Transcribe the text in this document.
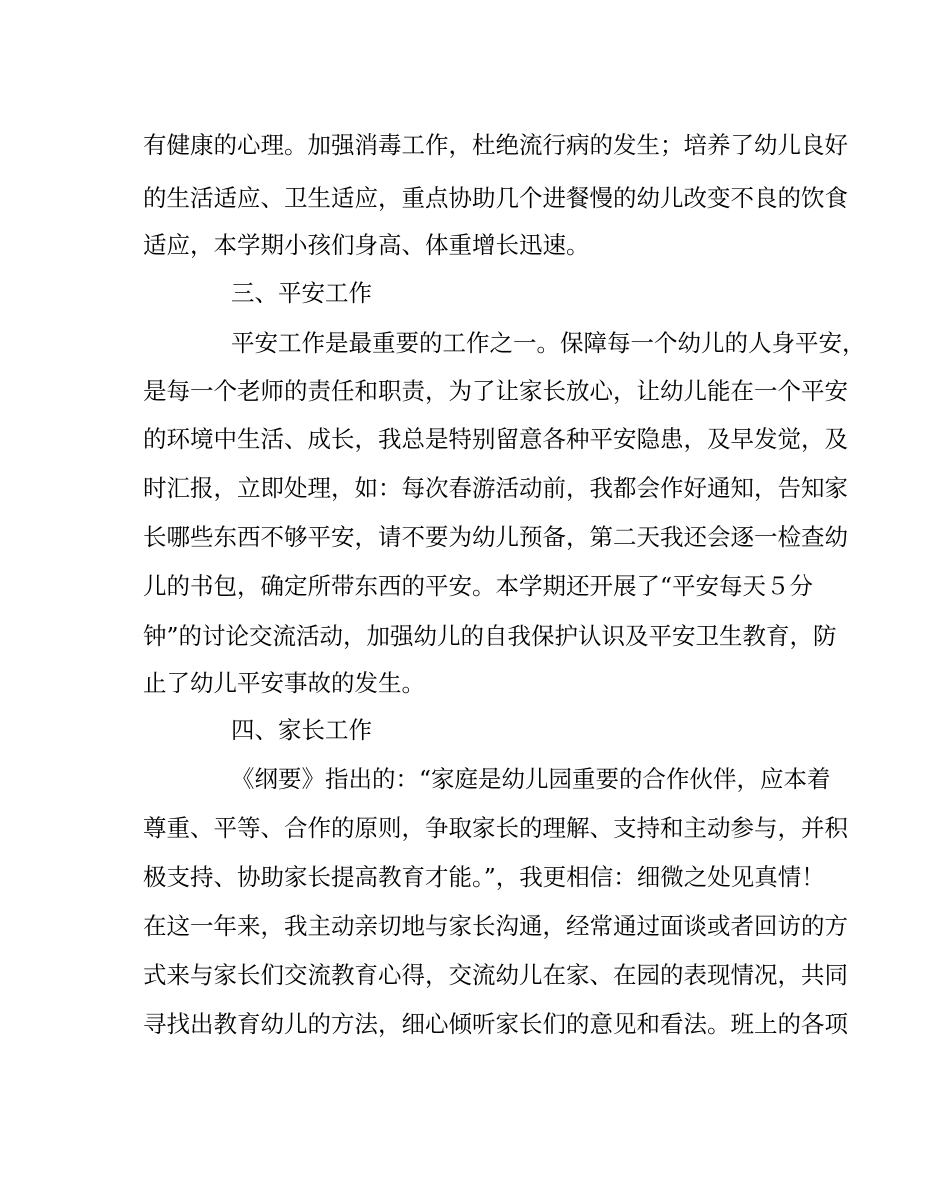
有健康的心理。加强消毒工作，杜绝流行病的发生；培养了幼儿良好
的生活适应、卫生适应，重点协助几个进餐慢的幼儿改变不良的饮食
适应，本学期小孩们身高、体重增长迅速。
三、平安工作
平安工作是最重要的工作之一。保障每一个幼儿的人身平安，
是每一个老师的责任和职责，为了让家长放心，让幼儿能在一个平安
的环境中生活、成长，我总是特别留意各种平安隐患，及早发觉，及
时汇报，立即处理，如：每次春游活动前，我都会作好通知，告知家
长哪些东西不够平安，请不要为幼儿预备，第二天我还会逐一检查幼
儿的书包，确定所带东西的平安。本学期还开展了“平安每天５分
钟”的讨论交流活动，加强幼儿的自我保护认识及平安卫生教育，防
止了幼儿平安事故的发生。
四、家长工作
《纲要》指出的：“家庭是幼儿园重要的合作伙伴，应本着
尊重、平等、合作的原则，争取家长的理解、支持和主动参与，并积
极支持、协助家长提高教育才能。”，我更相信：细微之处见真情！
在这一年来，我主动亲切地与家长沟通，经常通过面谈或者回访的方
式来与家长们交流教育心得，交流幼儿在家、在园的表现情况，共同
寻找出教育幼儿的方法，细心倾听家长们的意见和看法。班上的各项
